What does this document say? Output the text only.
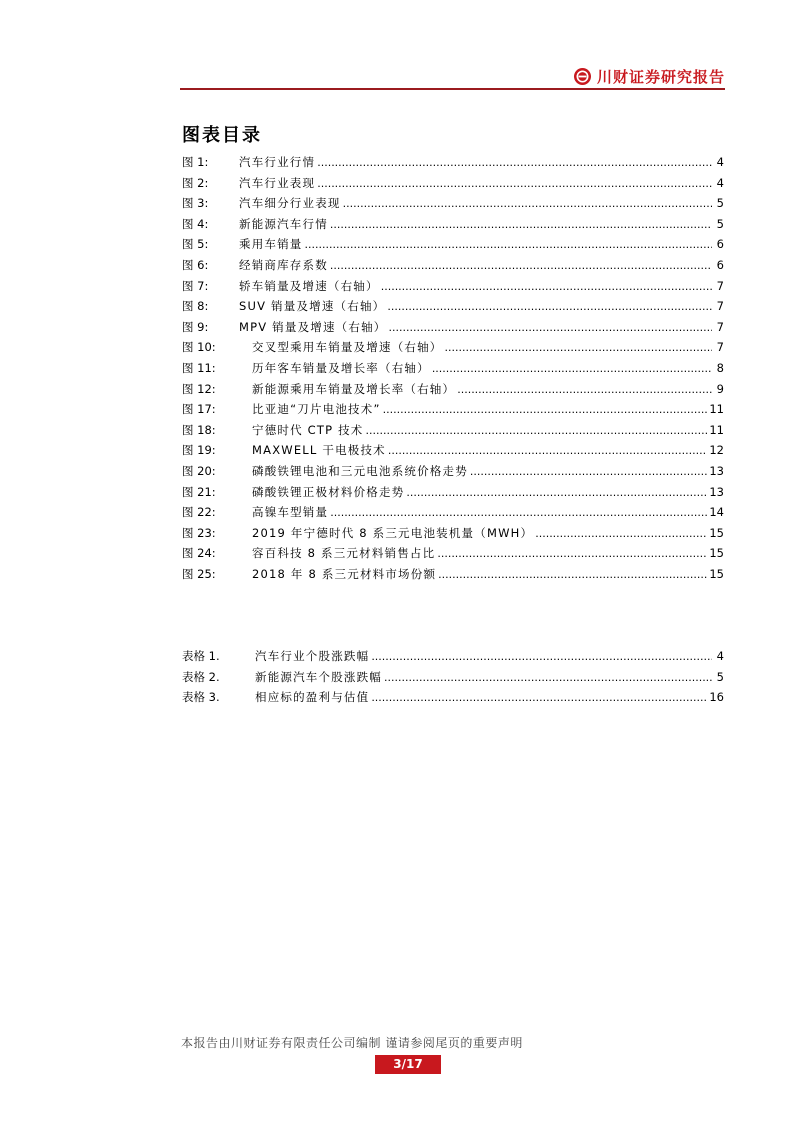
川财证券研究报告
图表目录
图 1:	汽车行业行情 .....	4
图 2:	汽车行业表现 .....	4
图 3:	汽车细分行业表现 .....	5
图 4:	新能源汽车行情 .....	5
图 5:	乘用车销量 .....	6
图 6:	经销商库存系数 .....	6
图 7:	轿车销量及增速（右轴） .....	7
图 8:	SUV 销量及增速（右轴） .....	7
图 9:	MPV 销量及增速（右轴） .....	7
图 10:	交叉型乘用车销量及增速（右轴） .....	7
图 11:	历年客车销量及增长率（右轴） .....	8
图 12:	新能源乘用车销量及增长率（右轴） .....	9
图 17:	比亚迪“刀片电池技术” .....	11
图 18:	宁德时代 CTP 技术 .....	11
图 19:	MAXWELL 干电极技术 .....	12
图 20:	磷酸铁锂电池和三元电池系统价格走势 .....	13
图 21:	磷酸铁锂正极材料价格走势 .....	13
图 22:	高镍车型销量 .....	14
图 23:	2019 年宁德时代 8 系三元电池装机量（MWH） .....	15
图 24:	容百科技 8 系三元材料销售占比 .....	15
图 25:	2018 年 8 系三元材料市场份额 .....	15
表格 1.	汽车行业个股涨跌幅 .....	4
表格 2.	新能源汽车个股涨跌幅 .....	5
表格 3.	相应标的盈利与估值 .....	16
本报告由川财证券有限责任公司编制 谨请参阅尾页的重要声明
3/17
